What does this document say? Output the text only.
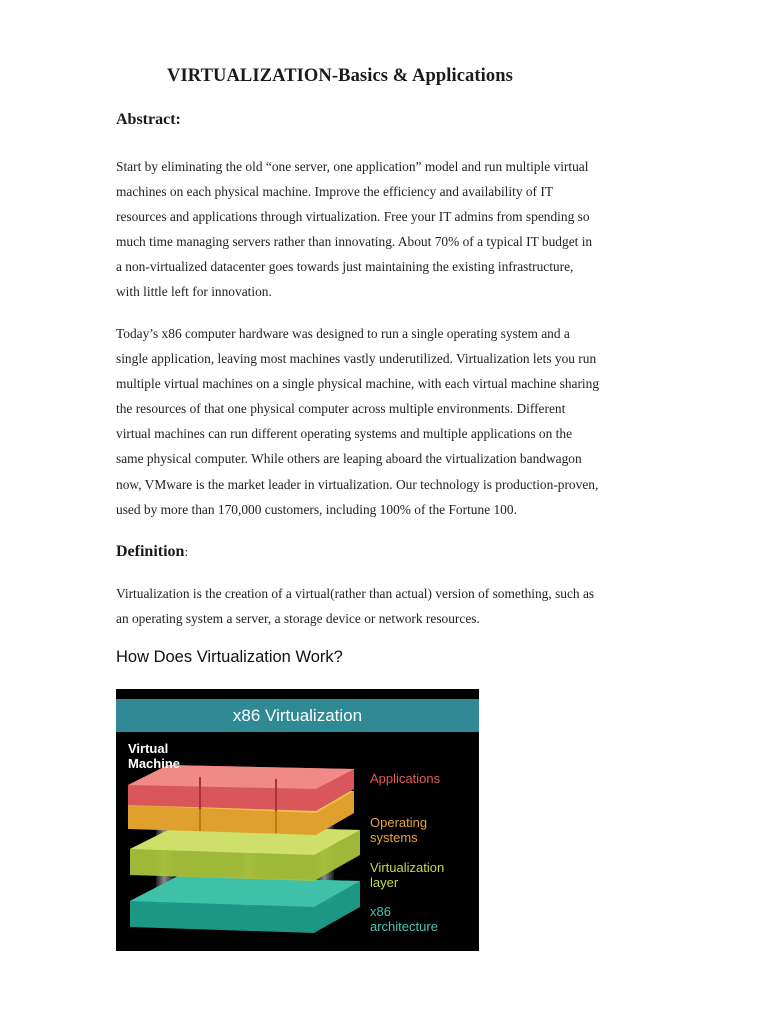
VIRTUALIZATION-Basics & Applications
Abstract:
Start by eliminating the old “one server, one application” model and run multiple virtual
machines on each physical machine. Improve the efficiency and availability of IT
resources and applications through virtualization. Free your IT admins from spending so
much time managing servers rather than innovating. About 70% of a typical IT budget in
a non-virtualized datacenter goes towards just maintaining the existing infrastructure,
with little left for innovation.
Today’s x86 computer hardware was designed to run a single operating system and a
single application, leaving most machines vastly underutilized. Virtualization lets you run
multiple virtual machines on a single physical machine, with each virtual machine sharing
the resources of that one physical computer across multiple environments. Different
virtual machines can run different operating systems and multiple applications on the
same physical computer. While others are leaping aboard the virtualization bandwagon
now, VMware is the market leader in virtualization. Our technology is production-proven,
used by more than 170,000 customers, including 100% of the Fortune 100.
Definition:
Virtualization is the creation of a virtual(rather than actual) version of something, such as
an operating system a server, a storage device or network resources.
How Does Virtualization Work?
x86 Virtualization
Virtual
Machine
Applications
Operating
systems
Virtualization
layer
x86
architecture
